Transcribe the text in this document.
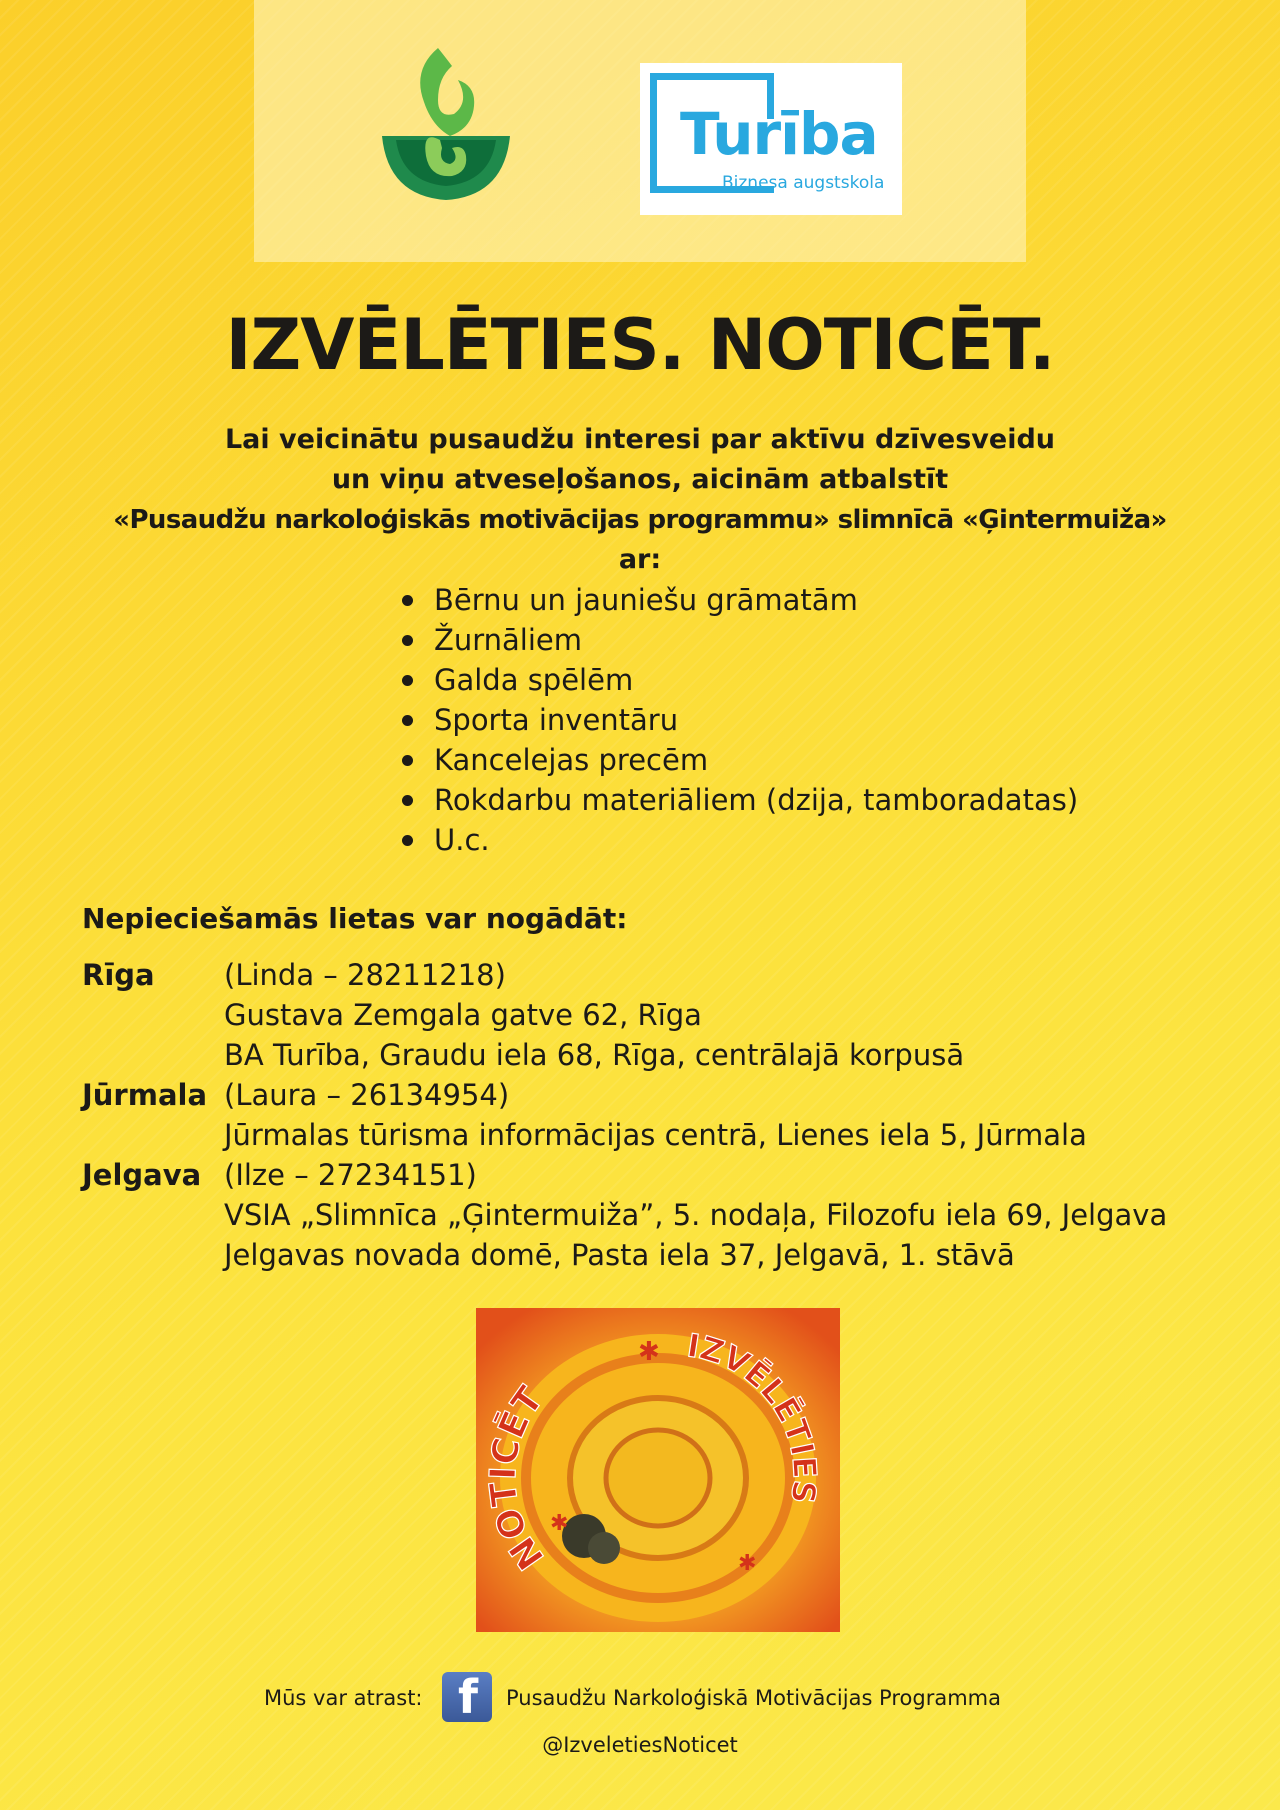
Turība
Biznesa augstskola
IZVĒLĒTIES. NOTICĒT.
Lai veicinātu pusaudžu interesi par aktīvu dzīvesveidu
un viņu atveseļošanos, aicinām atbalstīt
«Pusaudžu narkoloģiskās motivācijas programmu» slimnīcā «Ģintermuiža»
ar:
Bērnu un jauniešu grāmatām
Žurnāliem
Galda spēlēm
Sporta inventāru
Kancelejas precēm
Rokdarbu materiāliem (dzija, tamboradatas)
U.c.
Nepieciešamās lietas var nogādāt:
Rīga (Linda – 28211218)
Gustava Zemgala gatve 62, Rīga
BA Turība, Graudu iela 68, Rīga, centrālajā korpusā
Jūrmala (Laura – 26134954)
Jūrmalas tūrisma informācijas centrā, Lienes iela 5, Jūrmala
Jelgava (Ilze – 27234151)
VSIA „Slimnīca „Ģintermuiža”, 5. nodaļa, Filozofu iela 69, Jelgava
Jelgavas novada domē, Pasta iela 37, Jelgavā, 1. stāvā
NOTICĒT
IZVĒLĒTIES
✱
✱
✱
Mūs var atrast: f Pusaudžu Narkoloģiskā Motivācijas Programma
@IzveletiesNoticet
